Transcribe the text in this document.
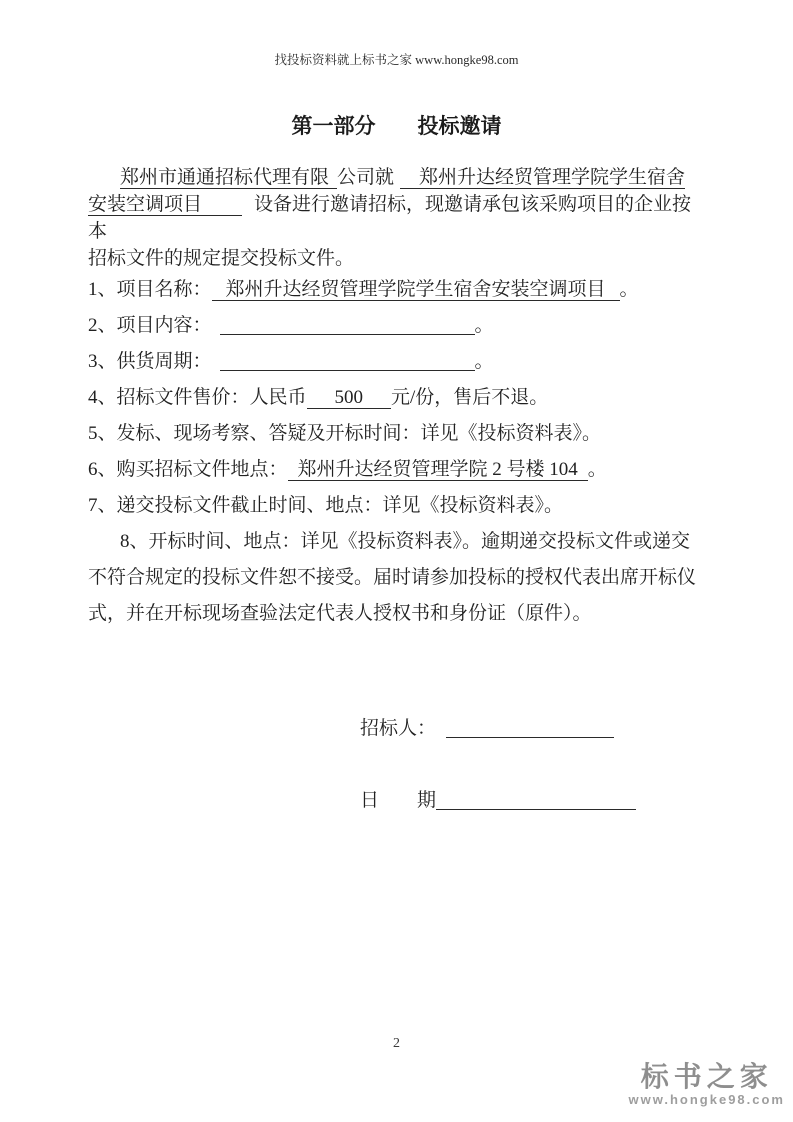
找投标资料就上标书之家 www.hongke98.com
第一部分　　投标邀请
郑州市通通招标代理有限 公司就　郑州升达经贸管理学院学生宿舍
安装空调项目	设备进行邀请招标，现邀请承包该采购项目的企业按本
招标文件的规定提交投标文件。
1、项目名称： 郑州升达经贸管理学院学生宿舍安装空调项目 。
2、项目内容：	。
3、供货周期：	。
4、招标文件售价：人民币 500 元/份，售后不退。
5、发标、现场考察、答疑及开标时间：详见《投标资料表》。
6、购买招标文件地点： 郑州升达经贸管理学院 2 号楼 104 。
7、递交投标文件截止时间、地点：详见《投标资料表》。
8、开标时间、地点：详见《投标资料表》。逾期递交投标文件或递交
不符合规定的投标文件恕不接受。届时请参加投标的授权代表出席开标仪
式，并在开标现场查验法定代表人授权书和身份证（原件）。
招标人：
日　　期
2
标书之家
www.hongke98.com
